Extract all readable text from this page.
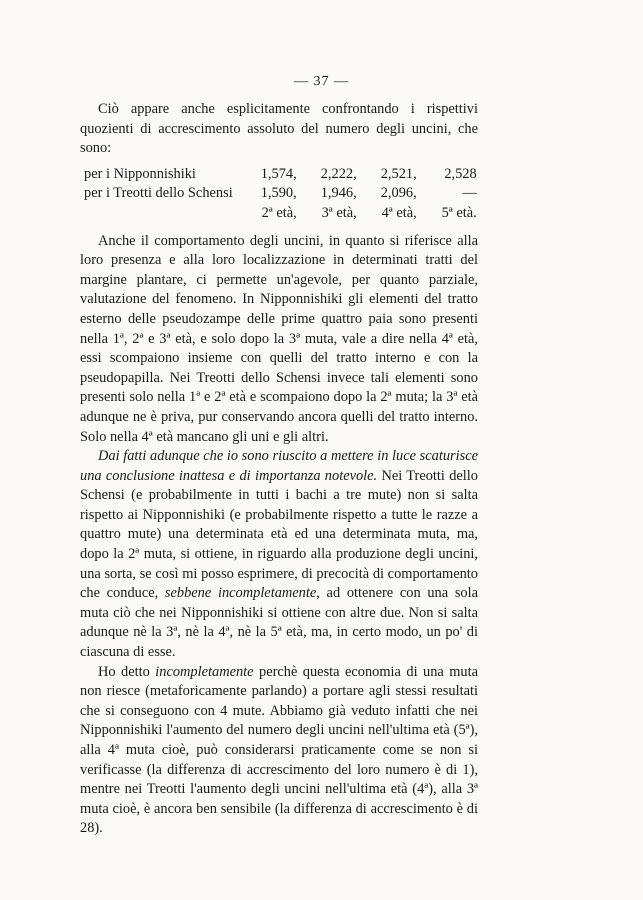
— 37 —

Ciò appare anche esplicitamente confrontando i rispettivi quozienti di accrescimento assoluto del numero degli uncini, che sono:

per i Nipponnishiki	1,574,	2,222,	2,521,	2,528
per i Treotti dello Schensi	1,590,	1,946,	2,096,	—
	2ª età,	3ª età,	4ª età,	5ª età.

Anche il comportamento degli uncini, in quanto si riferisce alla loro presenza e alla loro localizzazione in determinati tratti del margine plantare, ci permette un'agevole, per quanto parziale, valutazione del fenomeno. In Nipponnishiki gli elementi del tratto esterno delle pseudozampe delle prime quattro paia sono presenti nella 1ª, 2ª e 3ª età, e solo dopo la 3ª muta, vale a dire nella 4ª età, essi scompaiono insieme con quelli del tratto interno e con la pseudopapilla. Nei Treotti dello Schensi invece tali elementi sono presenti solo nella 1ª e 2ª età e scompaiono dopo la 2ª muta; la 3ª età adunque ne è priva, pur conservando ancora quelli del tratto interno. Solo nella 4ª età mancano gli uni e gli altri.

Dai fatti adunque che io sono riuscito a mettere in luce scaturisce una conclusione inattesa e di importanza notevole. Nei Treotti dello Schensi (e probabilmente in tutti i bachi a tre mute) non si salta rispetto ai Nipponnishiki (e probabilmente rispetto a tutte le razze a quattro mute) una determinata età ed una determinata muta, ma, dopo la 2ª muta, si ottiene, in riguardo alla produzione degli uncini, una sorta, se così mi posso esprimere, di precocità di comportamento che conduce, sebbene incompletamente, ad ottenere con una sola muta ciò che nei Nipponnishiki si ottiene con altre due. Non si salta adunque nè la 3ª, nè la 4ª, nè la 5ª età, ma, in certo modo, un po' di ciascuna di esse.

Ho detto incompletamente perchè questa economia di una muta non riesce (metaforicamente parlando) a portare agli stessi resultati che si conseguono con 4 mute. Abbiamo già veduto infatti che nei Nipponnishiki l'aumento del numero degli uncini nell'ultima età (5ª), alla 4ª muta cioè, può considerarsi praticamente come se non si verificasse (la differenza di accrescimento del loro numero è di 1), mentre nei Treotti l'aumento degli uncini nell'ultima età (4ª), alla 3ª muta cioè, è ancora ben sensibile (la differenza di accrescimento è di 28).
